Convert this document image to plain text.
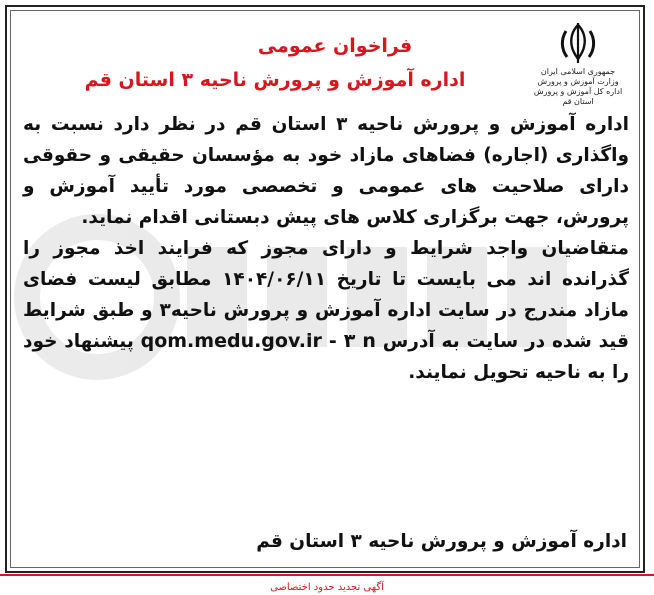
جمهوری اسلامی ایران
وزارت آموزش و پرورش
اداره کل آموزش و پرورش استان قم
فراخوان عمومی
اداره آموزش و پرورش ناحیه ۳ استان قم

اداره آموزش و پرورش ناحیه ۳ استان قم در نظر دارد نسبت به واگذاری (اجاره) فضاهای مازاد خود به مؤسسان حقیقی و حقوقی دارای صلاحیت های عمومی و تخصصی مورد تأیید آموزش و پرورش، جهت برگزاری کلاس های پیش دبستانی اقدام نماید.

متقاضیان واجد شرایط و دارای مجوز که فرایند اخذ مجوز را گذرانده اند می بایست تا تاریخ ۱۴۰۴/۰۶/۱۱ مطابق لیست فضای مازاد مندرج در سایت اداره آموزش و پرورش ناحیه۳ و طبق شرایط قید شده در سایت به آدرس qom.medu.gov.ir - ۳ n پیشنهاد خود را به ناحیه تحویل نمایند.

اداره آموزش و پرورش ناحیه ۳ استان قم
آگهی تجدید حدود اختصاصی
